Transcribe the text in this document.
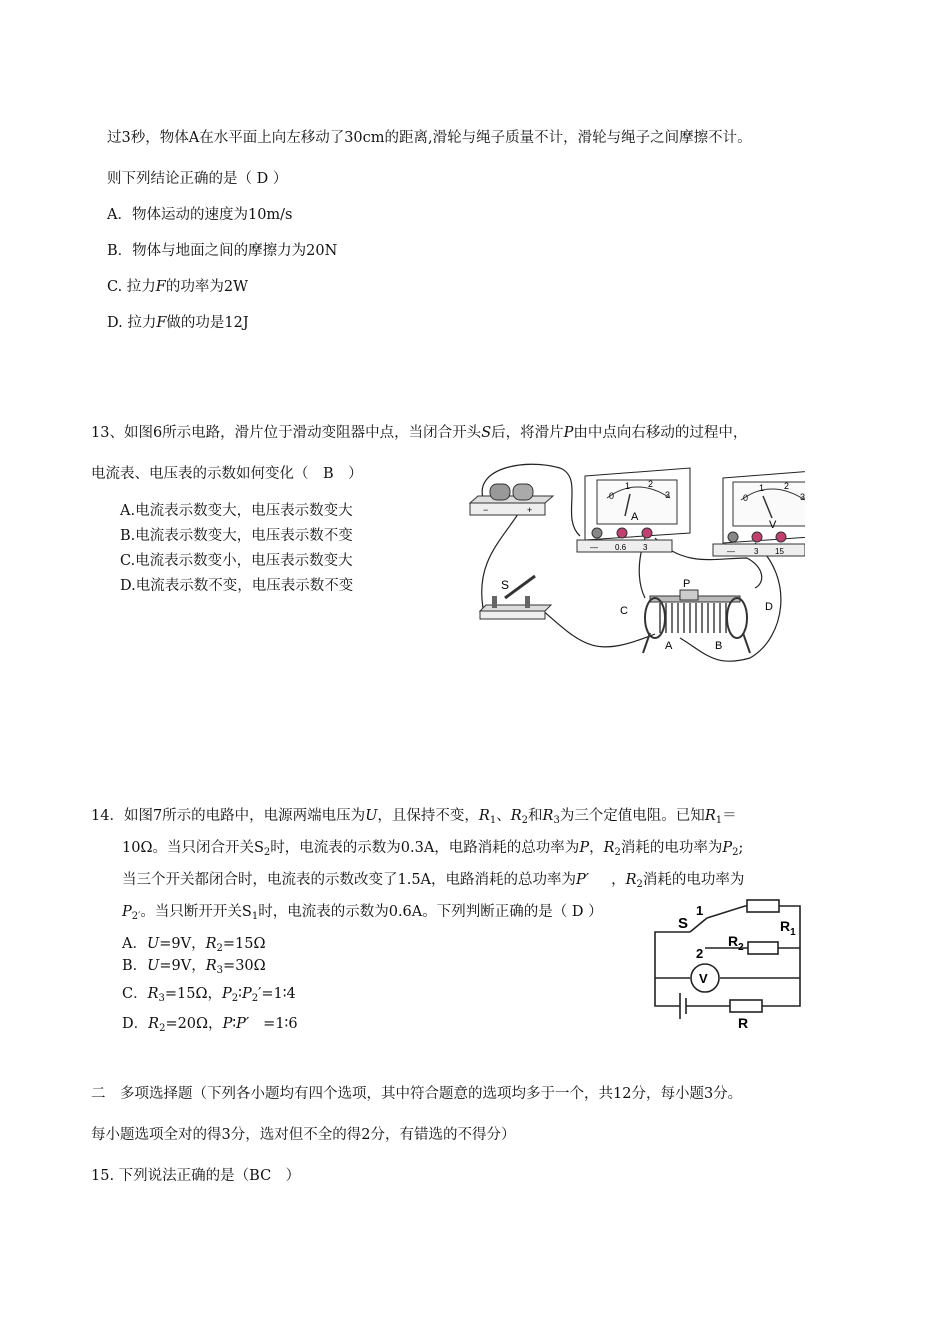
过3秒，物体A在水平面上向左移动了30cm的距离,滑轮与绳子质量不计，滑轮与绳子之间摩擦不计。
则下列结论正确的是（ D ）
A．物体运动的速度为10m/s
B．物体与地面之间的摩擦力为20N
C. 拉力F的功率为2W
D. 拉力F做的功是12J
13、如图6所示电路，滑片位于滑动变阻器中点，当闭合开头S后，将滑片P由中点向右移动的过程中，
电流表、电压表的示数如何变化（　B　）
A.电流表示数变大，电压表示数变大
B.电流表示数变大，电压表示数不变
C.电流表示数变小，电压表示数变大
D.电流表示数不变，电压表示数不变
−	+
0
1 2
3
A
— 0.6 3
0
1 2
3
V
— 3 15
S	P
C	D
A	B
14．如图7所示的电路中，电源两端电压为U，且保持不变，$R_1$、$R_2$和$R_3$为三个定值电阻。已知$R_1=$
10Ω。当只闭合开关$S_2$时，电流表的示数为0.3A，电路消耗的总功率为P，$R_2$消耗的电功率为$P_2$;
当三个开关都闭合时，电流表的示数改变了1.5A，电路消耗的总功率为P′ ，$R_2$消耗的电功率为
$P_{2'}$。当只断开开关$S_1$时，电流表的示数为0.6A。下列判断正确的是（ D ）
A．U=9V，$R_2=15\Omega$
B．U=9V，$R_3=30\Omega$
C．$R_3=15\Omega$，$P_2∶P_2'=1∶4$
D．$R_2=20\Omega$，P∶P′ =1∶6
S
1
2
$R_1$
$R_2$
V
R
二　多项选择题（下列各小题均有四个选项，其中符合题意的选项均多于一个，共12分，每小题3分。
每小题选项全对的得3分，选对但不全的得2分，有错选的不得分）
15. 下列说法正确的是（BC　）
